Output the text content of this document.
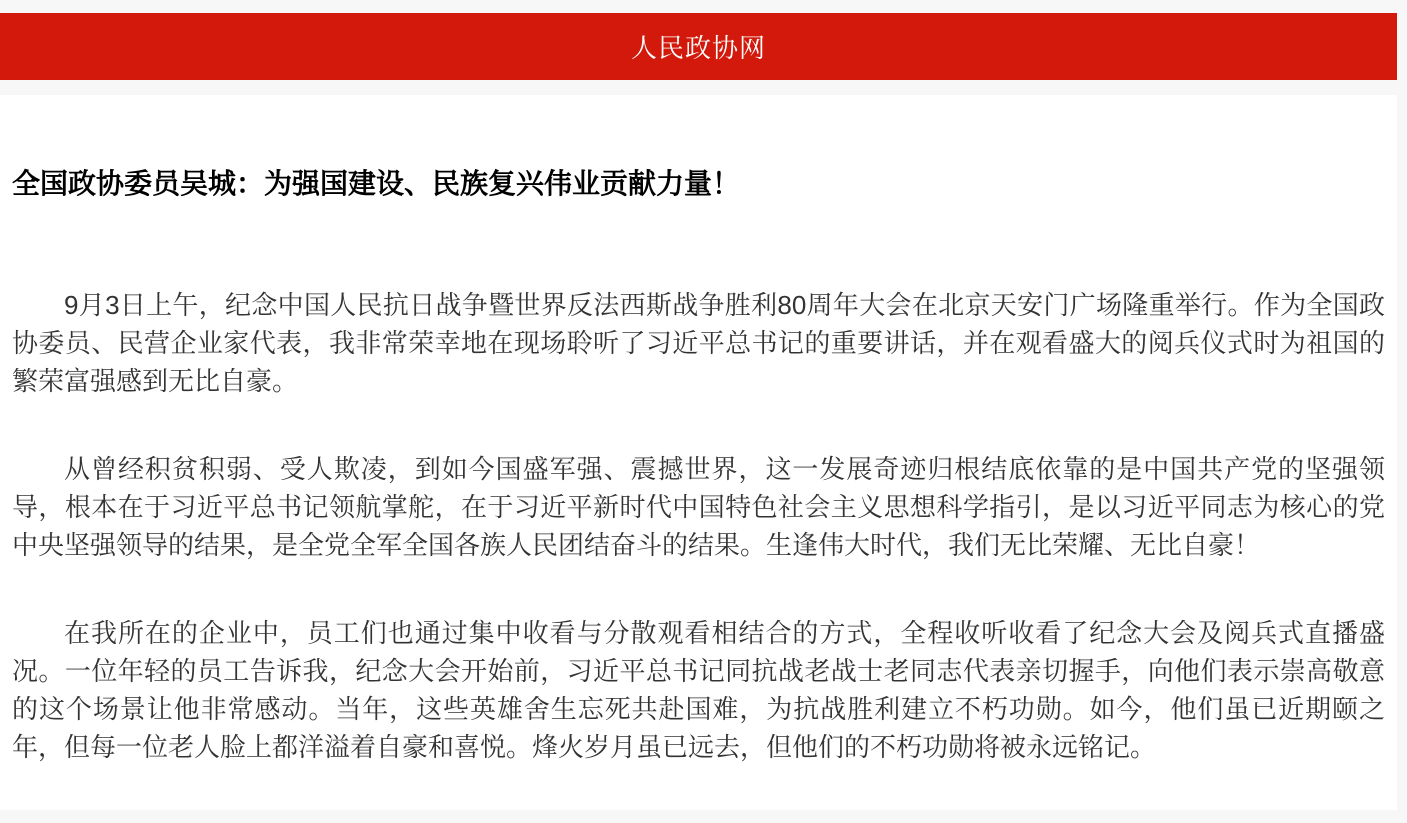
人民政协网
全国政协委员吴城：为强国建设、民族复兴伟业贡献力量！

9月3日上午，纪念中国人民抗日战争暨世界反法西斯战争胜利80周年大会在北京天安门广场隆重举行。作为全国政协委员、民营企业家代表，我非常荣幸地在现场聆听了习近平总书记的重要讲话，并在观看盛大的阅兵仪式时为祖国的繁荣富强感到无比自豪。

从曾经积贫积弱、受人欺凌，到如今国盛军强、震撼世界，这一发展奇迹归根结底依靠的是中国共产党的坚强领导，根本在于习近平总书记领航掌舵，在于习近平新时代中国特色社会主义思想科学指引，是以习近平同志为核心的党中央坚强领导的结果，是全党全军全国各族人民团结奋斗的结果。生逢伟大时代，我们无比荣耀、无比自豪！

在我所在的企业中，员工们也通过集中收看与分散观看相结合的方式，全程收听收看了纪念大会及阅兵式直播盛况。一位年轻的员工告诉我，纪念大会开始前，习近平总书记同抗战老战士老同志代表亲切握手，向他们表示崇高敬意的这个场景让他非常感动。当年，这些英雄舍生忘死共赴国难，为抗战胜利建立不朽功勋。如今，他们虽已近期颐之年，但每一位老人脸上都洋溢着自豪和喜悦。烽火岁月虽已远去，但他们的不朽功勋将被永远铭记。
